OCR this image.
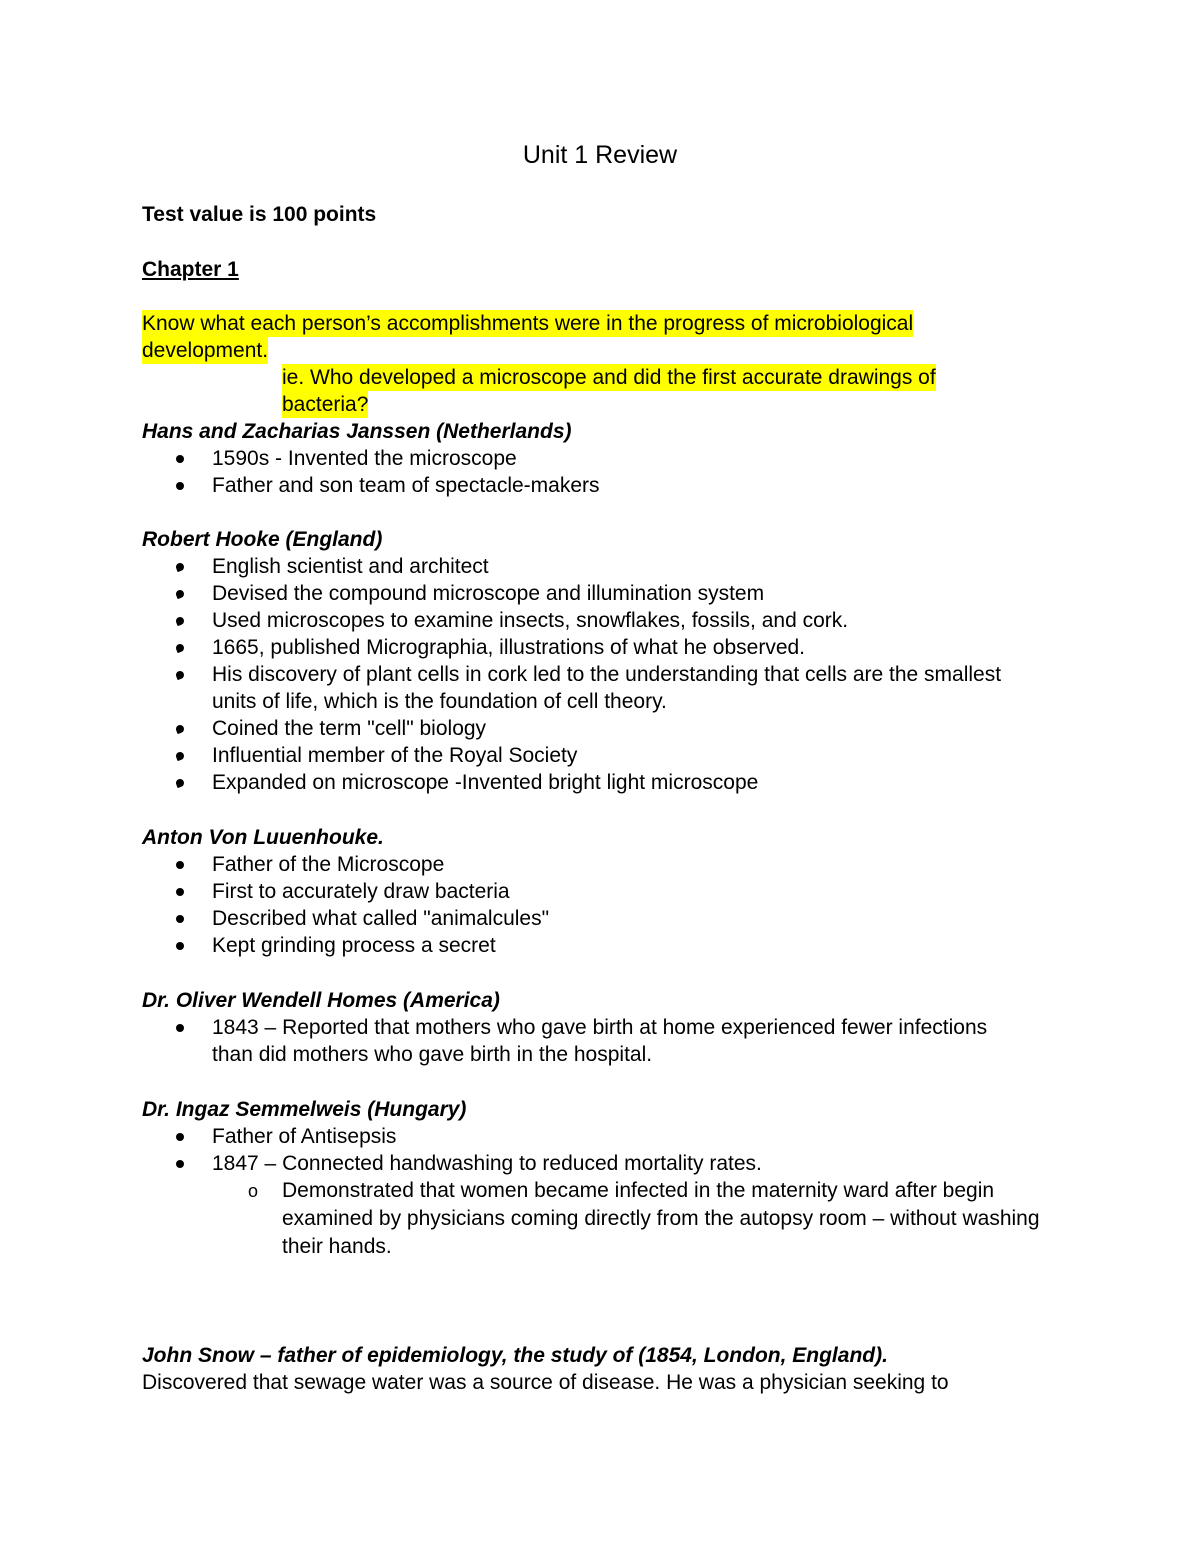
Unit 1 Review
Test value is 100 points
Chapter 1
Know what each person’s accomplishments were in the progress of microbiological
development.
ie. Who developed a microscope and did the first accurate drawings of
bacteria?
Hans and Zacharias Janssen (Netherlands)
1590s - Invented the microscope
Father and son team of spectacle-makers
Robert Hooke (England)
English scientist and architect
Devised the compound microscope and illumination system
Used microscopes to examine insects, snowflakes, fossils, and cork.
1665, published Micrographia, illustrations of what he observed.
His discovery of plant cells in cork led to the understanding that cells are the smallest units of life, which is the foundation of cell theory.
Coined the term "cell" biology
Influential member of the Royal Society
Expanded on microscope -Invented bright light microscope
Anton Von Luuenhouke.
Father of the Microscope
First to accurately draw bacteria
Described what called "animalcules"
Kept grinding process a secret
Dr. Oliver Wendell Homes (America)
1843 – Reported that mothers who gave birth at home experienced fewer infections than did mothers who gave birth in the hospital.
Dr. Ingaz Semmelweis (Hungary)
Father of Antisepsis
1847 – Connected handwashing to reduced mortality rates.
o Demonstrated that women became infected in the maternity ward after begin examined by physicians coming directly from the autopsy room – without washing their hands.
John Snow – father of epidemiology, the study of (1854, London, England).
Discovered that sewage water was a source of disease. He was a physician seeking to
